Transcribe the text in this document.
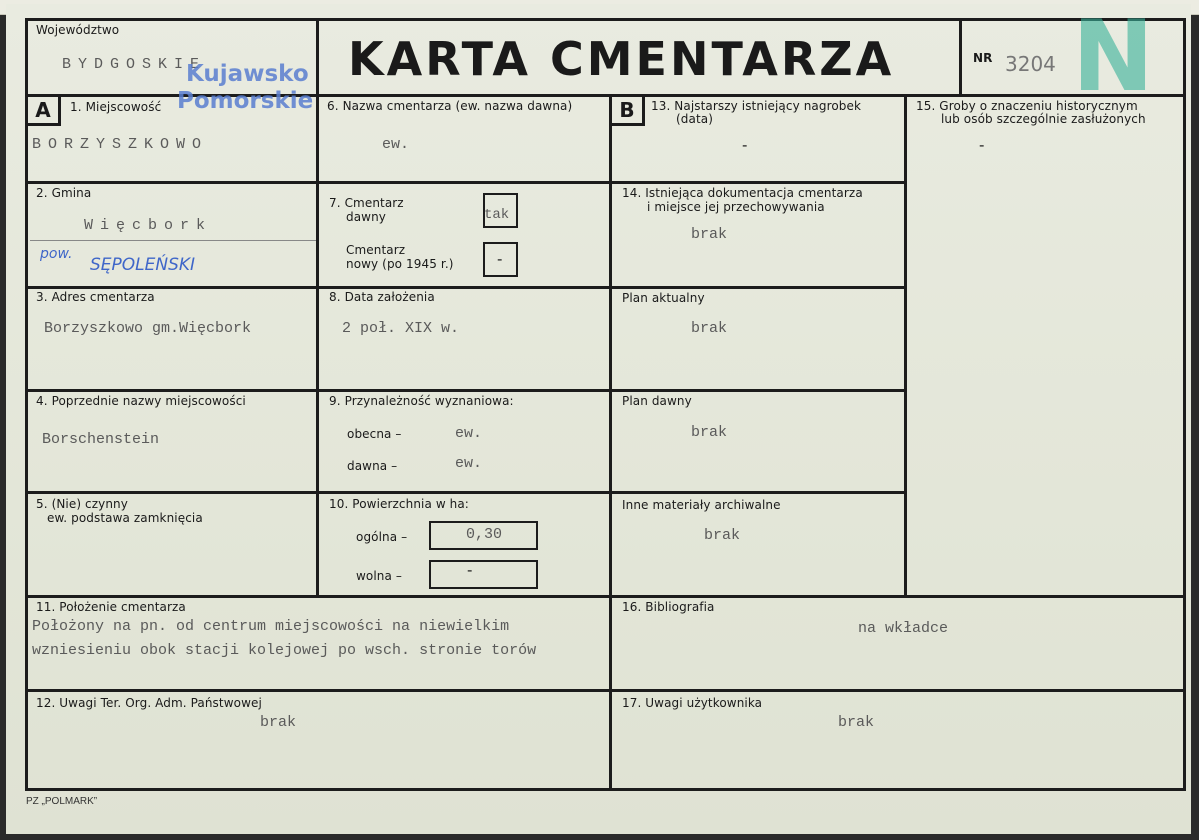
Województwo
BYDGOSKIE
Kujawsko
Pomorskie
KARTA CMENTARZA	NR 3204 N
A	B
1. Miejscowość
BORZYSZKOWO
6. Nazwa cmentarza (ew. nazwa dawna)
ew.
13. Najstarszy istniejący nagrobek
(data)
-
15. Groby o znaczeniu historycznym
lub osób szczególnie zasłużonych
-
2. Gmina
Więcbork
pow.
SĘPOLEŃSKI
7. Cmentarz
dawny	tak
Cmentarz
nowy (po 1945 r.)	-
14. Istniejąca dokumentacja cmentarza
i miejsce jej przechowywania
brak
3. Adres cmentarza
Borzyszkowo gm.Więcbork
8. Data założenia
2 poł. XIX w.
Plan aktualny
brak
4. Poprzednie nazwy miejscowości
Borschenstein
9. Przynależność wyznaniowa:
obecna –	ew.
dawna –	ew.
Plan dawny
brak
5. (Nie) czynny
ew. podstawa zamknięcia
10. Powierzchnia w ha:
ogólna –	0,30
wolna –	-
Inne materiały archiwalne
brak
11. Położenie cmentarza
Położony na pn. od centrum miejscowości na niewielkim
wzniesieniu obok stacji kolejowej po wsch. stronie torów
16. Bibliografia
na wkładce
12. Uwagi Ter. Org. Adm. Państwowej
brak
17. Uwagi użytkownika
brak
PZ „POLMARK”
